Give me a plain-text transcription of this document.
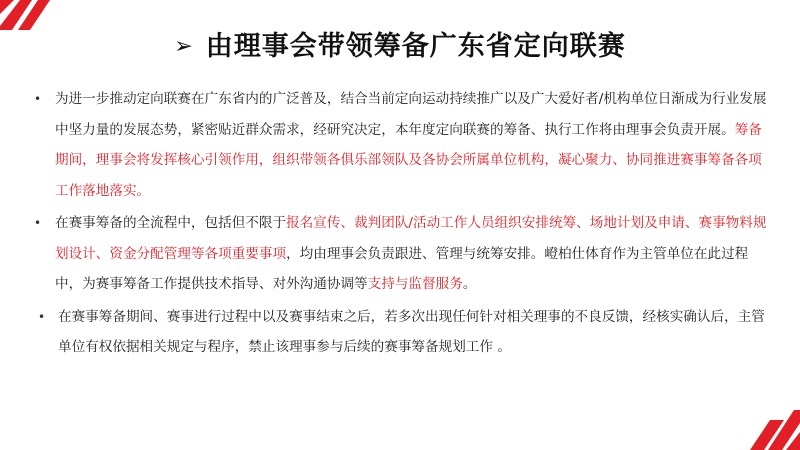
➢ 由理事会带领筹备广东省定向联赛
• 为进一步推动定向联赛在广东省内的广泛普及，结合当前定向运动持续推广以及广大爱好者/机构单位日渐成为行业发展中坚力量的发展态势，紧密贴近群众需求，经研究决定，本年度定向联赛的筹备、执行工作将由理事会负责开展。筹备期间，理事会将发挥核心引领作用，组织带领各俱乐部领队及各协会所属单位机构，凝心聚力、协同推进赛事筹备各项工作落地落实。
• 在赛事筹备的全流程中，包括但不限于报名宣传、裁判团队/活动工作人员组织安排统筹、场地计划及申请、赛事物料规划设计、资金分配管理等各项重要事项，均由理事会负责跟进、管理与统筹安排。嶝柏仕体育作为主管单位在此过程中，为赛事筹备工作提供技术指导、对外沟通协调等支持与监督服务。
• 在赛事筹备期间、赛事进行过程中以及赛事结束之后，若多次出现任何针对相关理事的不良反馈，经核实确认后，主管单位有权依据相关规定与程序，禁止该理事参与后续的赛事筹备规划工作 。
